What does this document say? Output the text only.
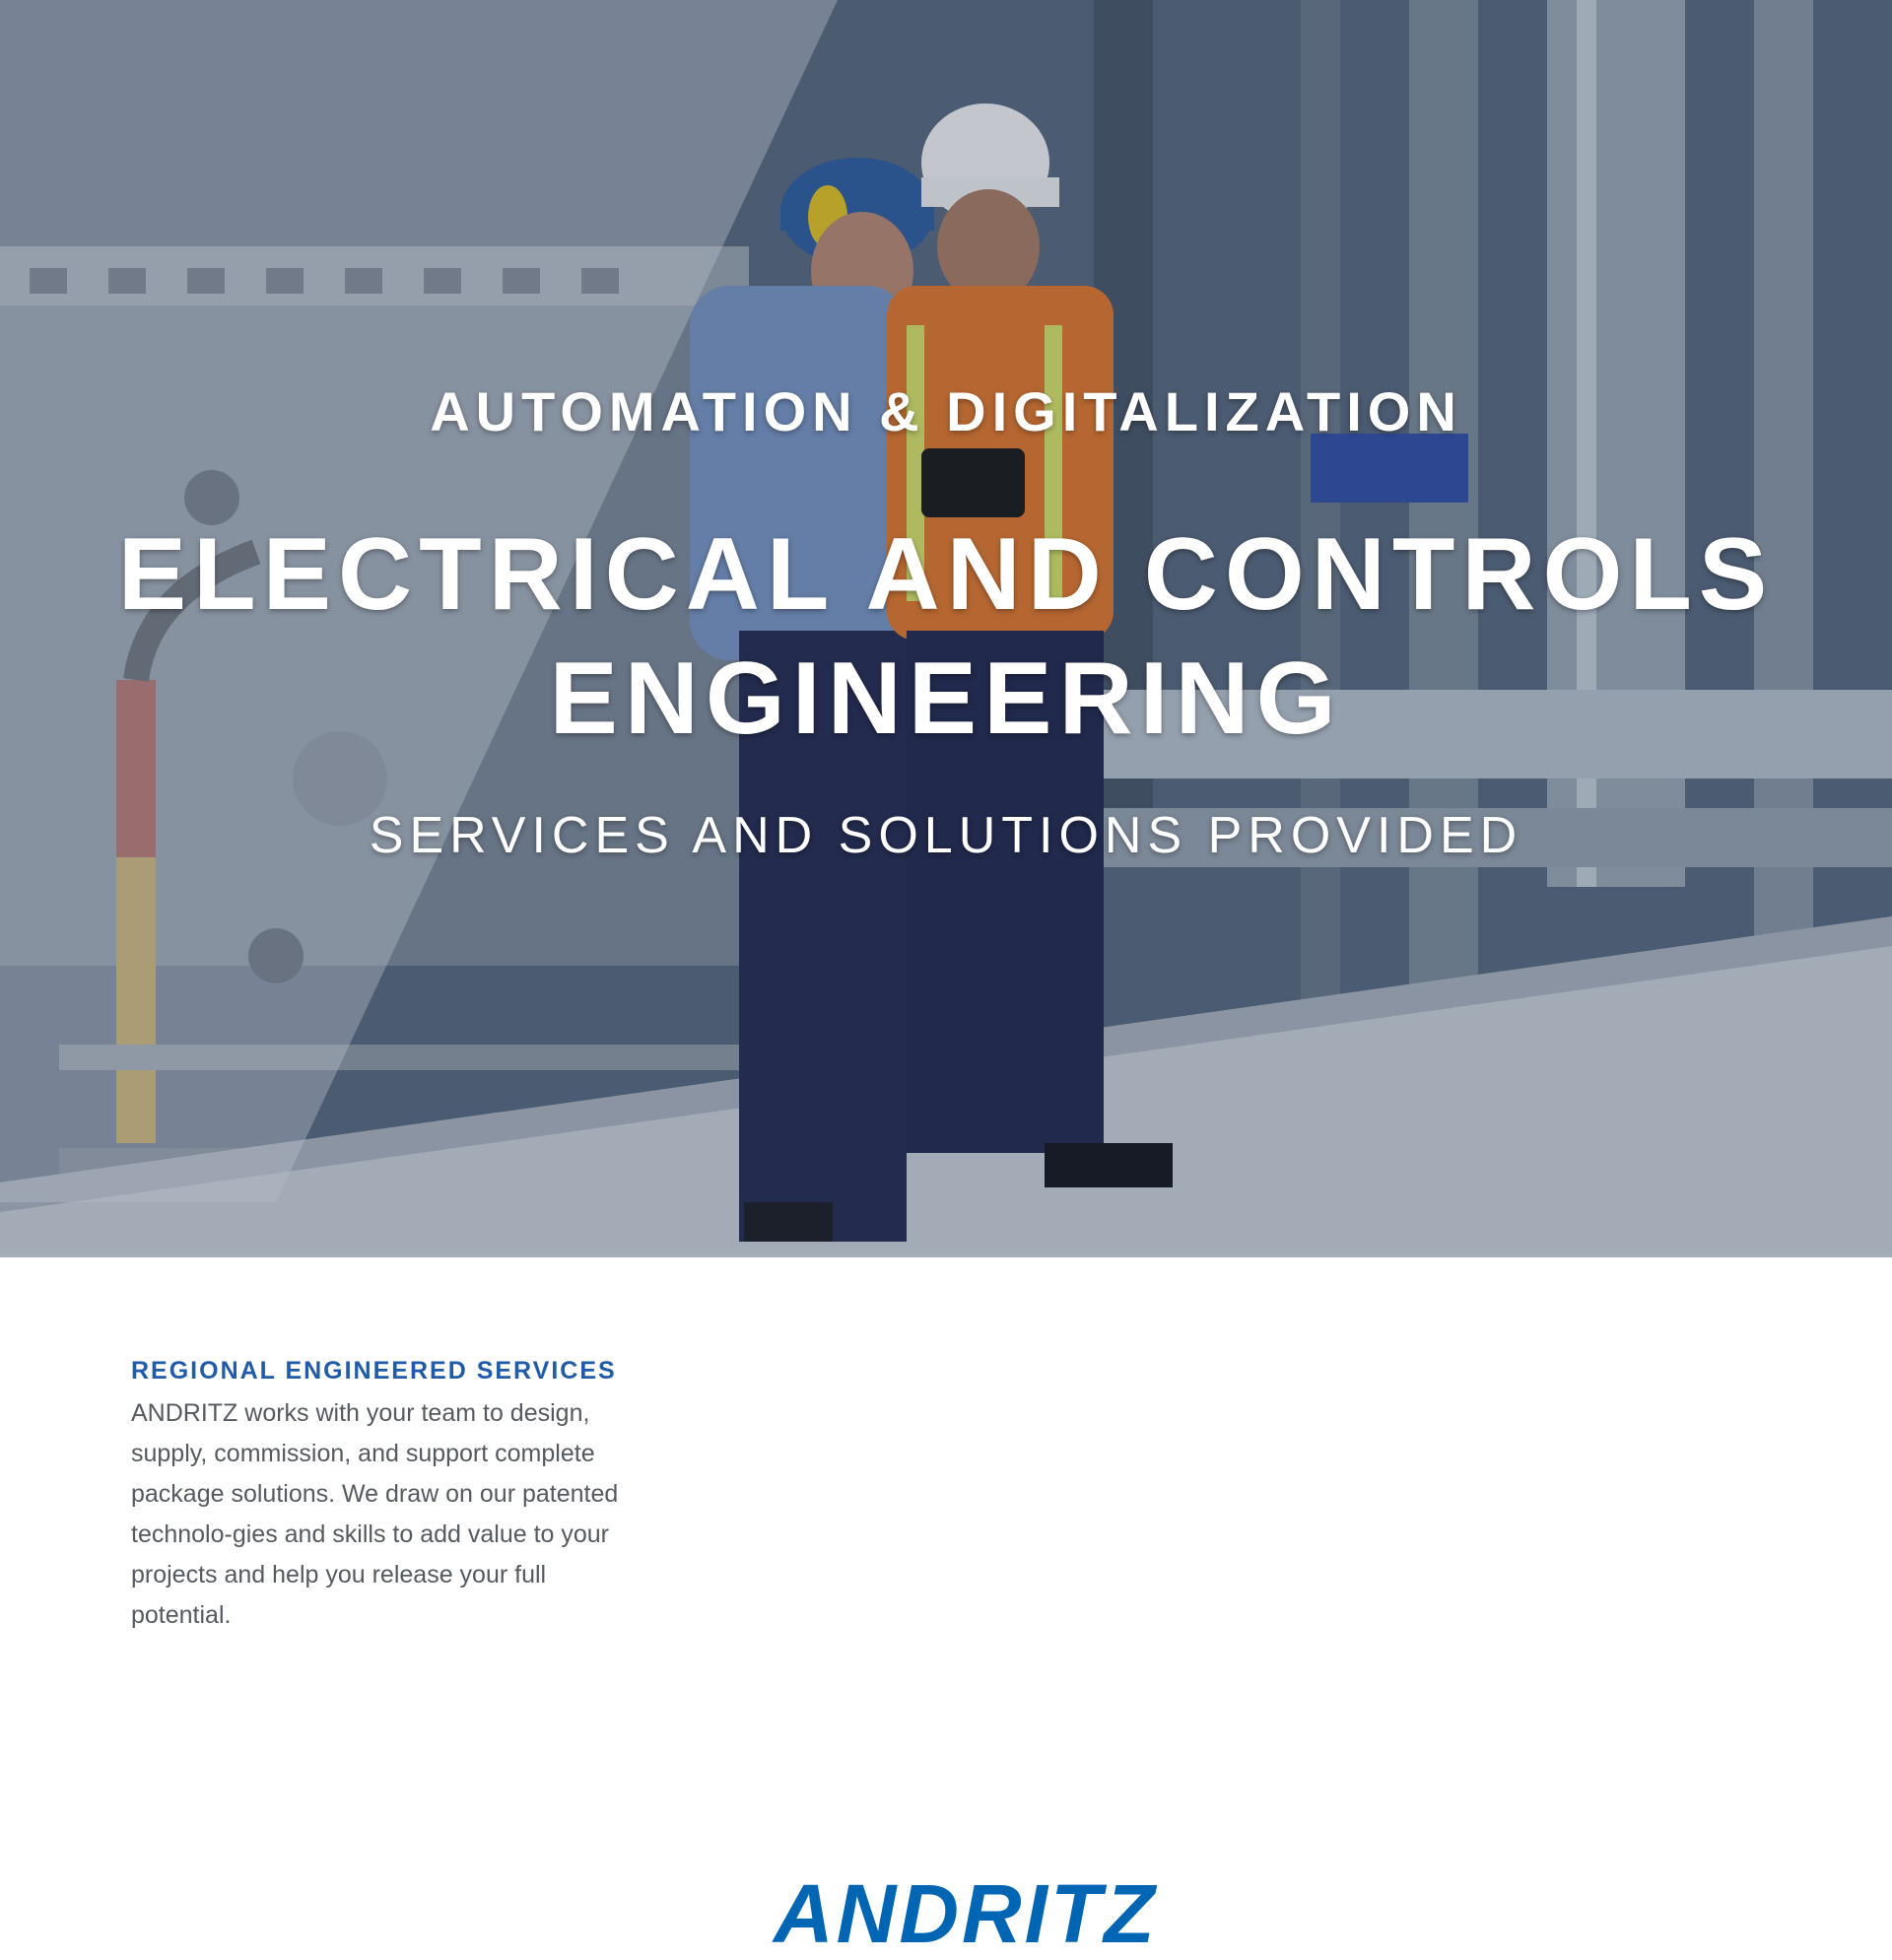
AUTOMATION & DIGITALIZATION
ELECTRICAL AND CONTROLS ENGINEERING
SERVICES AND SOLUTIONS PROVIDED
REGIONAL ENGINEERED SERVICES
ANDRITZ works with your team to design, supply, commission, and support complete package solutions. We draw on our patented technolo-gies and skills to add value to your projects and help you release your full potential.
ANDRITZ
